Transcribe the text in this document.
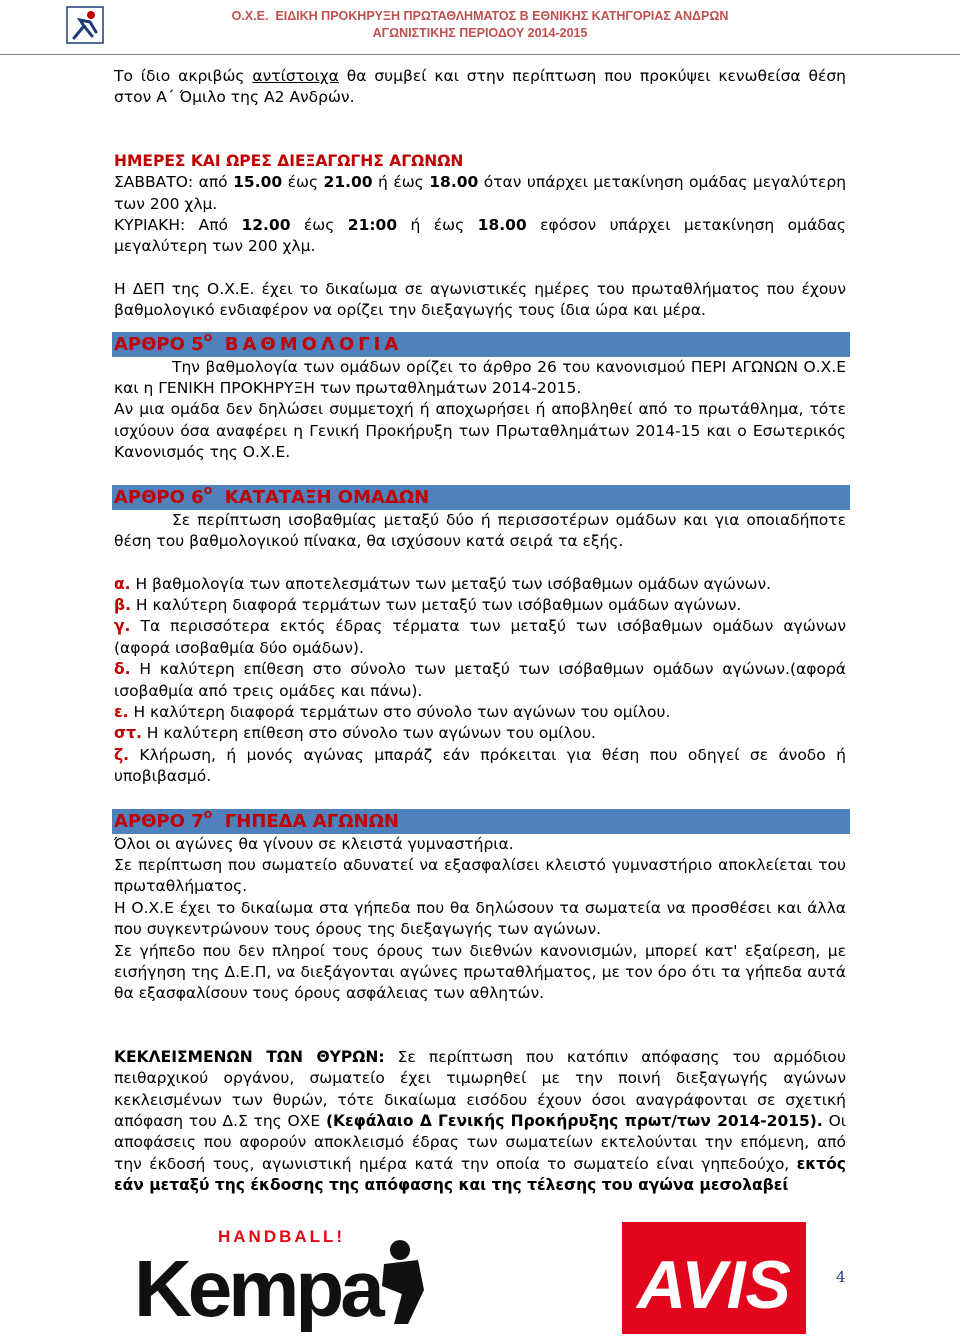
Ο.Χ.Ε. ΕΙΔΙΚΗ ΠΡΟΚΗΡΥΞΗ ΠΡΩΤΑΘΛΗΜΑΤΟΣ Β ΕΘΝΙΚΗΣ ΚΑΤΗΓΟΡΙΑΣ ΑΝΔΡΩΝ
ΑΓΩΝΙΣΤΙΚΗΣ ΠΕΡΙΟΔΟΥ 2014-2015

Το ίδιο ακριβώς αντίστοιχα θα συμβεί και στην περίπτωση που προκύψει κενωθείσα θέση στον Α΄ Όμιλο της Α2 Ανδρών.

ΗΜΕΡΕΣ ΚΑΙ ΩΡΕΣ ΔΙΕΞΑΓΩΓΗΣ ΑΓΩΝΩΝ

ΣΑΒΒΑΤΟ: από 15.00 έως 21.00 ή έως 18.00 όταν υπάρχει μετακίνηση ομάδας μεγαλύτερη των 200 χλμ.

ΚΥΡΙΑΚΗ: Από 12.00 έως 21:00 ή έως 18.00 εφόσον υπάρχει μετακίνηση ομάδας μεγαλύτερη των 200 χλμ.

Η ΔΕΠ της Ο.Χ.Ε. έχει το δικαίωμα σε αγωνιστικές ημέρες του πρωταθλήματος που έχουν βαθμολογικό ενδιαφέρον να ορίζει την διεξαγωγής τους ίδια ώρα και μέρα.

ΑΡΘΡΟ $5^O$ ΒΑΘΜΟΛΟΓΙΑ

Την βαθμολογία των ομάδων ορίζει το άρθρο 26 του κανονισμού ΠΕΡΙ ΑΓΩΝΩΝ Ο.Χ.Ε και η ΓΕΝΙΚΗ ΠΡΟΚΗΡΥΞΗ των πρωταθλημάτων 2014-2015.

Αν μια ομάδα δεν δηλώσει συμμετοχή ή αποχωρήσει ή αποβληθεί από το πρωτάθλημα, τότε ισχύουν όσα αναφέρει η Γενική Προκήρυξη των Πρωταθλημάτων 2014-15 και ο Εσωτερικός Κανονισμός της Ο.Χ.Ε.

ΑΡΘΡΟ $6^O$ ΚΑΤΑΤΑΞΗ ΟΜΑΔΩΝ

Σε περίπτωση ισοβαθμίας μεταξύ δύο ή περισσοτέρων ομάδων και για οποιαδήποτε θέση του βαθμολογικού πίνακα, θα ισχύσουν κατά σειρά τα εξής.

α. Η βαθμολογία των αποτελεσμάτων των μεταξύ των ισόβαθμων ομάδων αγώνων.

β. Η καλύτερη διαφορά τερμάτων των μεταξύ των ισόβαθμων ομάδων αγώνων.

γ. Τα περισσότερα εκτός έδρας τέρματα των μεταξύ των ισόβαθμων ομάδων αγώνων (αφορά ισοβαθμία δύο ομάδων).

δ. Η καλύτερη επίθεση στο σύνολο των μεταξύ των ισόβαθμων ομάδων αγώνων.(αφορά ισοβαθμία από τρεις ομάδες και πάνω).

ε. Η καλύτερη διαφορά τερμάτων στο σύνολο των αγώνων του ομίλου.

στ. Η καλύτερη επίθεση στο σύνολο των αγώνων του ομίλου.

ζ. Κλήρωση, ή μονός αγώνας μπαράζ εάν πρόκειται για θέση που οδηγεί σε άνοδο ή υποβιβασμό.

ΑΡΘΡΟ $7^O$ ΓΗΠΕΔΑ ΑΓΩΝΩΝ

Όλοι οι αγώνες θα γίνουν σε κλειστά γυμναστήρια.

Σε περίπτωση που σωματείο αδυνατεί να εξασφαλίσει κλειστό γυμναστήριο αποκλείεται του πρωταθλήματος.

Η Ο.Χ.Ε έχει το δικαίωμα στα γήπεδα που θα δηλώσουν τα σωματεία να προσθέσει και άλλα που συγκεντρώνουν τους όρους της διεξαγωγής των αγώνων.

Σε γήπεδο που δεν πληροί τους όρους των διεθνών κανονισμών, μπορεί κατ' εξαίρεση, με εισήγηση της Δ.Ε.Π, να διεξάγονται αγώνες πρωταθλήματος, με τον όρο ότι τα γήπεδα αυτά θα εξασφαλίσουν τους όρους ασφάλειας των αθλητών.

ΚΕΚΛΕΙΣΜΕΝΩΝ ΤΩΝ ΘΥΡΩΝ: Σε περίπτωση που κατόπιν απόφασης του αρμόδιου πειθαρχικού οργάνου, σωματείο έχει τιμωρηθεί με την ποινή διεξαγωγής αγώνων κεκλεισμένων των θυρών, τότε δικαίωμα εισόδου έχουν όσοι αναγράφονται σε σχετική απόφαση του Δ.Σ της ΟΧΕ (Κεφάλαιο Δ Γενικής Προκήρυξης πρωτ/των 2014-2015). Οι αποφάσεις που αφορούν αποκλεισμό έδρας των σωματείων εκτελούνται την επόμενη, από την έκδοσή τους, αγωνιστική ημέρα κατά την οποία το σωματείο είναι γηπεδούχο, εκτός εάν μεταξύ της έκδοσης της απόφασης και της τέλεσης του αγώνα μεσολαβεί

HANDBALL!
Kempa	AVIS	4
